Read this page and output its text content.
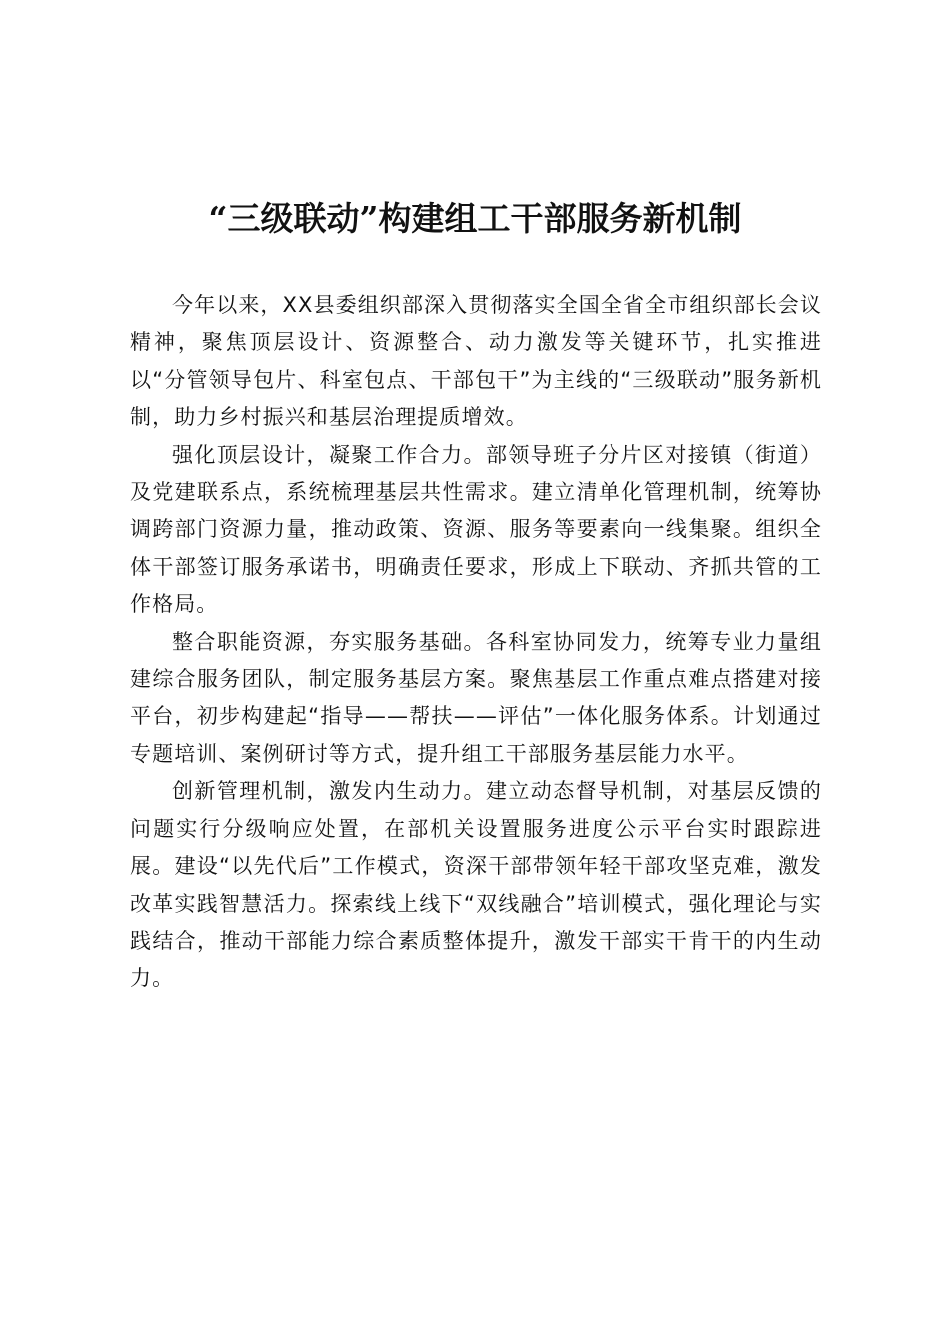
“三级联动”构建组工干部服务新机制

今年以来，XX县委组织部深入贯彻落实全国全省全市组织部长会议精神，聚焦顶层设计、资源整合、动力激发等关键环节，扎实推进以“分管领导包片、科室包点、干部包干”为主线的“三级联动”服务新机制，助力乡村振兴和基层治理提质增效。

强化顶层设计，凝聚工作合力。部领导班子分片区对接镇（街道）及党建联系点，系统梳理基层共性需求。建立清单化管理机制，统筹协调跨部门资源力量，推动政策、资源、服务等要素向一线集聚。组织全体干部签订服务承诺书，明确责任要求，形成上下联动、齐抓共管的工作格局。

整合职能资源，夯实服务基础。各科室协同发力，统筹专业力量组建综合服务团队，制定服务基层方案。聚焦基层工作重点难点搭建对接平台，初步构建起“指导——帮扶——评估”一体化服务体系。计划通过专题培训、案例研讨等方式，提升组工干部服务基层能力水平。

创新管理机制，激发内生动力。建立动态督导机制，对基层反馈的问题实行分级响应处置，在部机关设置服务进度公示平台实时跟踪进展。建设“以先代后”工作模式，资深干部带领年轻干部攻坚克难，激发改革实践智慧活力。探索线上线下“双线融合”培训模式，强化理论与实践结合，推动干部能力综合素质整体提升，激发干部实干肯干的内生动力。
